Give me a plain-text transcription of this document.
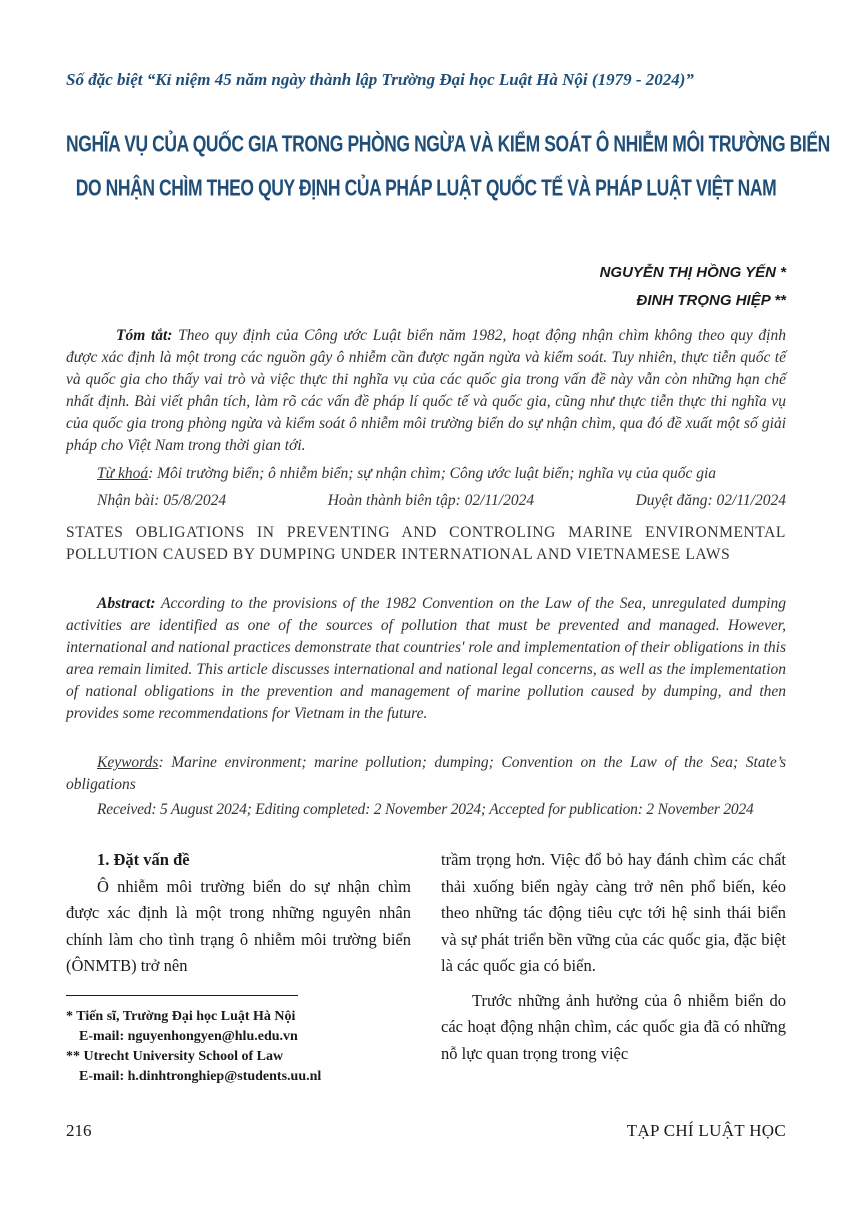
Số đặc biệt “Kỉ niệm 45 năm ngày thành lập Trường Đại học Luật Hà Nội (1979 - 2024)”
NGHĨA VỤ CỦA QUỐC GIA TRONG PHÒNG NGỪA VÀ KIỂM SOÁT Ô NHIỄM MÔI TRƯỜNG BIỂN
DO NHẬN CHÌM THEO QUY ĐỊNH CỦA PHÁP LUẬT QUỐC TẾ VÀ PHÁP LUẬT VIỆT NAM
NGUYỄN THỊ HỒNG YẾN *
ĐINH TRỌNG HIỆP **
Tóm tắt: Theo quy định của Công ước Luật biển năm 1982, hoạt động nhận chìm không theo quy định được xác định là một trong các nguồn gây ô nhiễm cần được ngăn ngừa và kiểm soát. Tuy nhiên, thực tiễn quốc tế và quốc gia cho thấy vai trò và việc thực thi nghĩa vụ của các quốc gia trong vấn đề này vẫn còn những hạn chế nhất định. Bài viết phân tích, làm rõ các vấn đề pháp lí quốc tế và quốc gia, cũng như thực tiễn thực thi nghĩa vụ của quốc gia trong phòng ngừa và kiểm soát ô nhiễm môi trường biển do sự nhận chìm, qua đó đề xuất một số giải pháp cho Việt Nam trong thời gian tới.
Từ khoá: Môi trường biển; ô nhiễm biển; sự nhận chìm; Công ước luật biển; nghĩa vụ của quốc gia
Nhận bài: 05/8/2024	Hoàn thành biên tập: 02/11/2024	Duyệt đăng: 02/11/2024
STATES OBLIGATIONS IN PREVENTING AND CONTROLING MARINE ENVIRONMENTAL POLLUTION CAUSED BY DUMPING UNDER INTERNATIONAL AND VIETNAMESE LAWS
Abstract: According to the provisions of the 1982 Convention on the Law of the Sea, unregulated dumping activities are identified as one of the sources of pollution that must be prevented and managed. However, international and national practices demonstrate that countries' role and implementation of their obligations in this area remain limited. This article discusses international and national legal concerns, as well as the implementation of national obligations in the prevention and management of marine pollution caused by dumping, and then provides some recommendations for Vietnam in the future.
Keywords: Marine environment; marine pollution; dumping; Convention on the Law of the Sea; State’s obligations
Received: 5 August 2024; Editing completed: 2 November 2024; Accepted for publication: 2 November 2024
1. Đặt vấn đề
Ô nhiễm môi trường biển do sự nhận chìm được xác định là một trong những nguyên nhân chính làm cho tình trạng ô nhiễm môi trường biển (ÔNMTB) trở nên
trầm trọng hơn. Việc đổ bỏ hay đánh chìm các chất thải xuống biển ngày càng trở nên phổ biến, kéo theo những tác động tiêu cực tới hệ sinh thái biển và sự phát triển bền vững của các quốc gia, đặc biệt là các quốc gia có biển.
Trước những ảnh hưởng của ô nhiễm biển do các hoạt động nhận chìm, các quốc gia đã có những nỗ lực quan trọng trong việc
* Tiến sĩ, Trường Đại học Luật Hà Nội
E-mail: nguyenhongyen@hlu.edu.vn
** Utrecht University School of Law
E-mail: h.dinhtronghiep@students.uu.nl
216	TẠP CHÍ LUẬT HỌC
